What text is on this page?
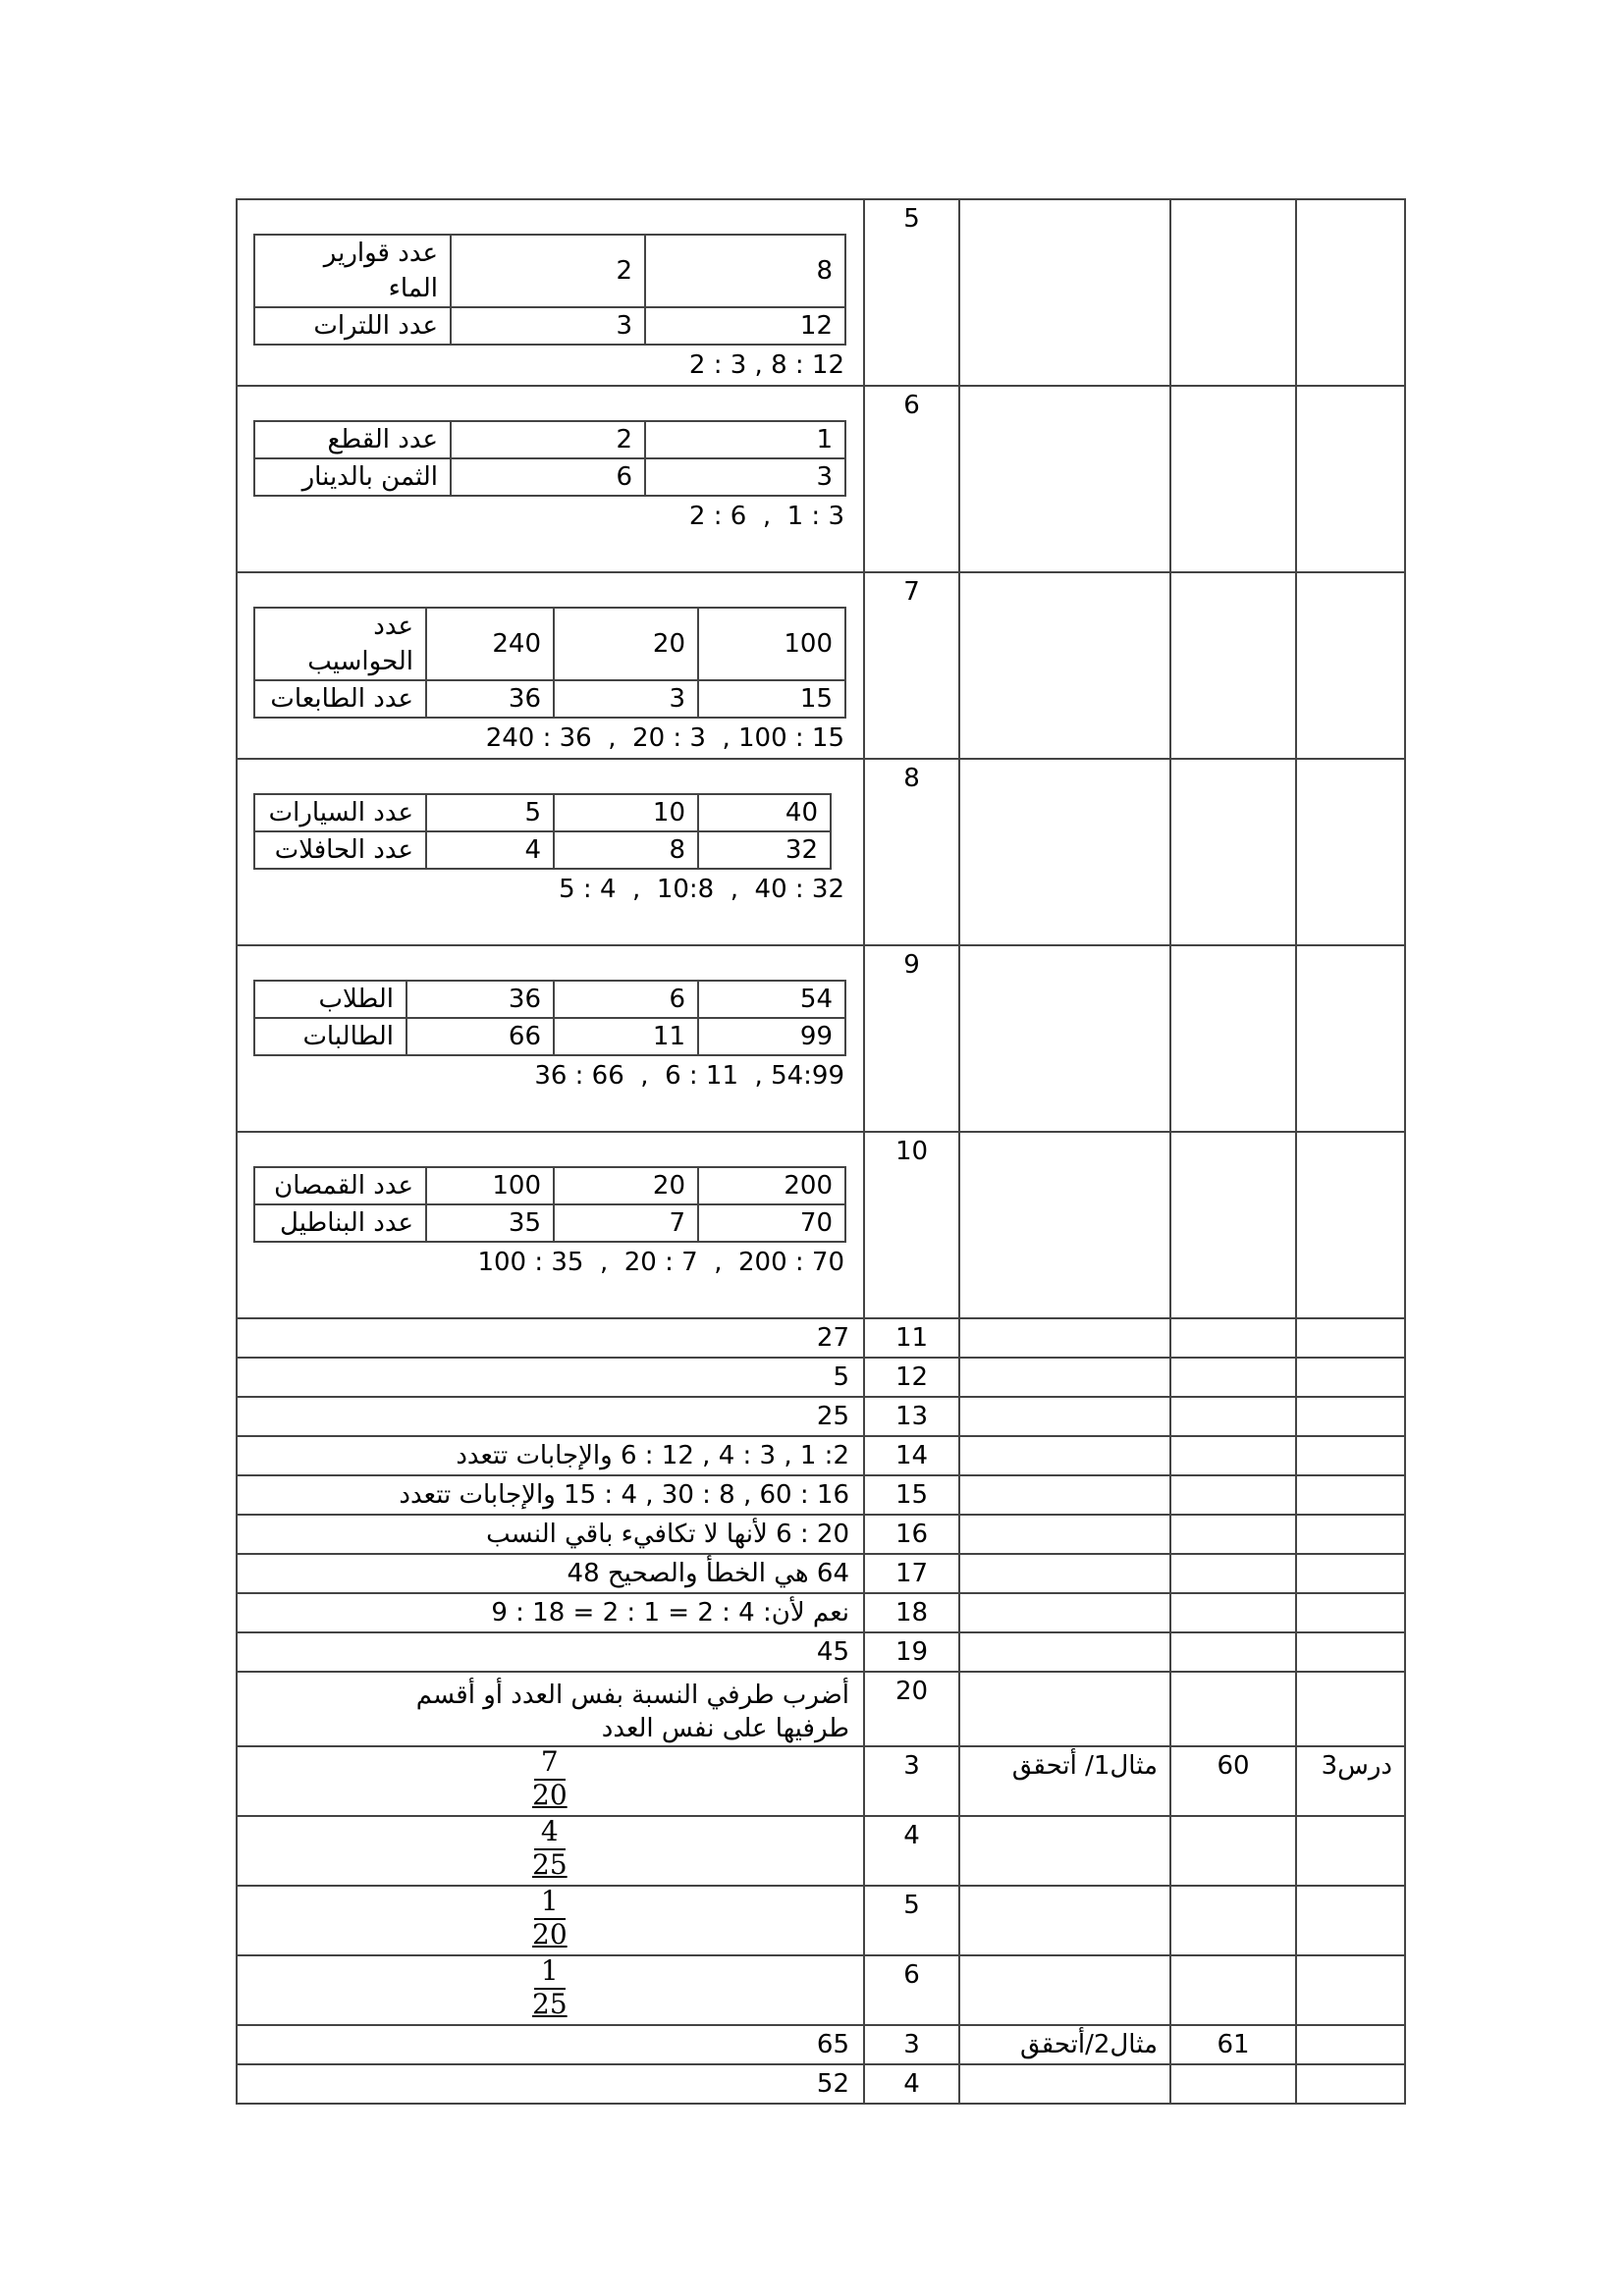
عدد قوارير الماء	2	8
عدد اللترات	3	12
2 : 3 , 8 : 12
	5			

عدد القطع	2	1
الثمن بالدينار	6	3
2 : 6  ,  1 : 3
	6			

عدد الحواسيب	240	20	100
عدد الطابعات	36	3	15
240 : 36  ,  20 : 3  , 100 : 15
	7			

عدد السيارات	5	10	40
عدد الحافلات	4	8	32
5 : 4  ,  10:8  ,  40 : 32
	8			

الطلاب	36	6	54
الطالبات	66	11	99
36 : 66  ,  6 : 11  , 54:99
	9			

عدد القمصان	100	20	200
عدد البناطيل	35	7	70
100 : 35  ,  20 : 7  ,  200 : 70
	10			
27	11			
5	12			
25	13			
2: 1 , 3 : 4 , 12 : 6 والإجابات تتعدد	14			
16 : 60 , 8 : 30 , 4 : 15 والإجابات تتعدد	15			
20 : 6 لأنها لا تكافيء باقي النسب	16			
64 هي الخطأ والصحيح 48	17			
نعم لأن: 4 : 2 = 1 : 2 = 18 : 9	18			
45	19			
أضرب طرفي النسبة بفس العدد أو أقسم طرفيها على نفس العدد	20			

$\frac{7}{20}$	3	مثال1/ أتحقق	60	درس3

$\frac{4}{25}$	4			

$\frac{1}{20}$	5			

$\frac{1}{25}$	6			
65	3	مثال2/أتحقق	61	
52	4			
